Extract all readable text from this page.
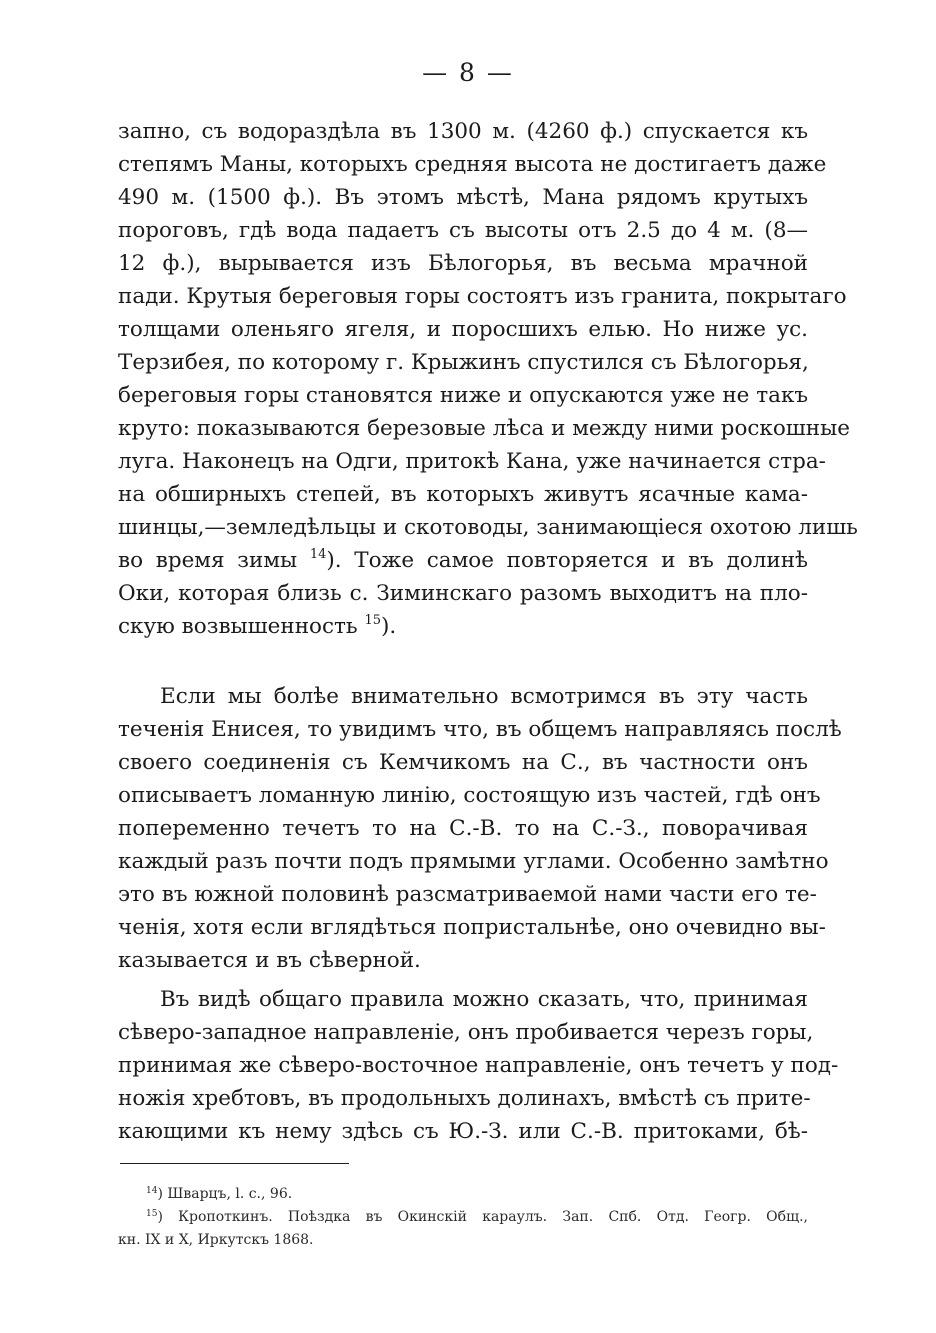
— 8 —
запно, съ водораздѣла въ 1300 м. (4260 ф.) спускается къ
степямъ Маны, которыхъ средняя высота не достигаетъ даже
490 м. (1500 ф.). Въ этомъ мѣстѣ, Мана рядомъ крутыхъ
пороговъ, гдѣ вода падаетъ съ высоты отъ 2.5 до 4 м. (8—
12 ф.), вырывается изъ Бѣлогорья, въ весьма мрачной
пади. Крутыя береговыя горы состоятъ изъ гранита, покрытаго
толщами оленьяго ягеля, и поросшихъ елью. Но ниже ус.
Терзибея, по которому г. Крыжинъ спустился съ Бѣлогорья,
береговыя горы становятся ниже и опускаются уже не такъ
круто: показываются березовые лѣса и между ними роскошные
луга. Наконецъ на Одги, притокѣ Кана, уже начинается стра-
на обширныхъ степей, въ которыхъ живутъ ясачные кама-
шинцы,—земледѣльцы и скотоводы, занимающіеся охотою лишь
во время зимы $^{14}$). Тоже самое повторяется и въ долинѣ
Оки, которая близь с. Зиминскаго разомъ выходитъ на пло-
скую возвышенность $^{15}$).
Если мы болѣе внимательно всмотримся въ эту часть
теченія Енисея, то увидимъ что, въ общемъ направляясь послѣ
своего соединенія съ Кемчикомъ на С., въ частности онъ
описываетъ ломанную линію, состоящую изъ частей, гдѣ онъ
попеременно течетъ то на С.-В. то на С.-З., поворачивая
каждый разъ почти подъ прямыми углами. Особенно замѣтно
это въ южной половинѣ разсматриваемой нами части его те-
ченія, хотя если вглядѣться попристальнѣе, оно очевидно вы-
казывается и въ сѣверной.
Въ видѣ общаго правила можно сказать, что, принимая
сѣверо-западное направленіе, онъ пробивается черезъ горы,
принимая же сѣверо-восточное направленіе, онъ течетъ у под-
ножія хребтовъ, въ продольныхъ долинахъ, вмѣстѣ съ прите-
кающими къ нему здѣсь съ Ю.-З. или С.-В. притоками, бѣ-
$^{14}$) Шварцъ, l. c., 96.
$^{15}$) Кропоткинъ. Поѣздка въ Окинскій караулъ. Зап. Спб. Отд. Геогр. Общ.,
кн. IX и X, Иркутскъ 1868.
